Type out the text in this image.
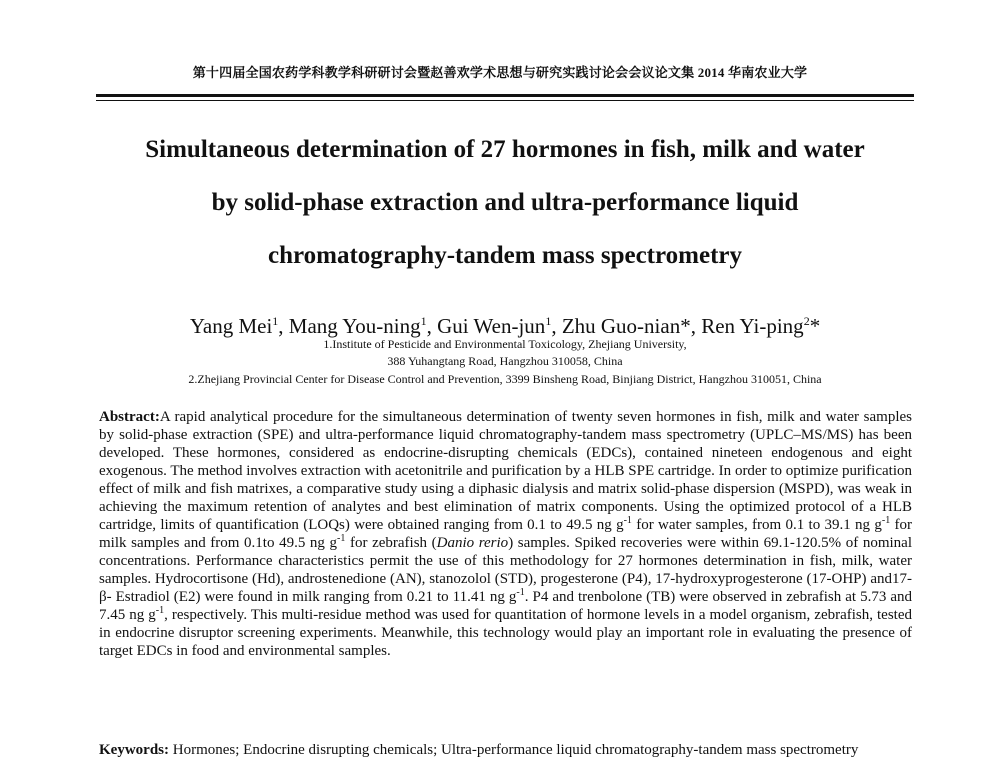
第十四届全国农药学科教学科研研讨会暨赵善欢学术思想与研究实践讨论会会议论文集 2014 华南农业大学
Simultaneous determination of 27 hormones in fish, milk and water
by solid-phase extraction and ultra-performance liquid
chromatography-tandem mass spectrometry
Yang Mei$^1$, Mang You-ning$^1$, Gui Wen-jun$^1$, Zhu Guo-nian*, Ren Yi-ping$^2$*
1.Institute of Pesticide and Environmental Toxicology, Zhejiang University,
388 Yuhangtang Road, Hangzhou 310058, China
2.Zhejiang Provincial Center for Disease Control and Prevention, 3399 Binsheng Road, Binjiang District, Hangzhou 310051, China
Abstract:A rapid analytical procedure for the simultaneous determination of twenty seven hormones in fish, milk and water samples by solid-phase extraction (SPE) and ultra-performance liquid chromatography-tandem mass spectrometry (UPLC–MS/MS) has been developed. These hormones, considered as endocrine-disrupting chemicals (EDCs), contained nineteen endogenous and eight exogenous. The method involves extraction with acetonitrile and purification by a HLB SPE cartridge. In order to optimize purification effect of milk and fish matrixes, a comparative study using a diphasic dialysis and matrix solid-phase dispersion (MSPD), was weak in achieving the maximum retention of analytes and best elimination of matrix components. Using the optimized protocol of a HLB cartridge, limits of quantification (LOQs) were obtained ranging from 0.1 to 49.5 ng $g^{-1}$ for water samples, from 0.1 to 39.1 ng $g^{-1}$ for milk samples and from 0.1to 49.5 ng $g^{-1}$ for zebrafish (Danio rerio) samples. Spiked recoveries were within 69.1-120.5% of nominal concentrations. Performance characteristics permit the use of this methodology for 27 hormones determination in fish, milk, water samples. Hydrocortisone (Hd), androstenedione (AN), stanozolol (STD), progesterone (P4), 17-hydroxyprogesterone (17-OHP) and17-β- Estradiol (E2) were found in milk ranging from 0.21 to 11.41 ng $g^{-1}$. P4 and trenbolone (TB) were observed in zebrafish at 5.73 and 7.45 ng $g^{-1}$, respectively. This multi-residue method was used for quantitation of hormone levels in a model organism, zebrafish, tested in endocrine disruptor screening experiments. Meanwhile, this technology would play an important role in evaluating the presence of target EDCs in food and environmental samples.
Keywords: Hormones; Endocrine disrupting chemicals; Ultra-performance liquid chromatography-tandem mass spectrometry
